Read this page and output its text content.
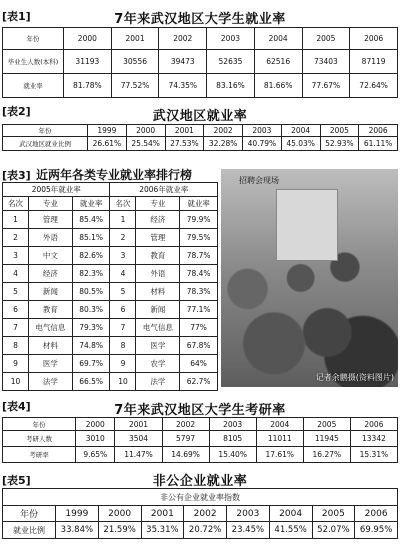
[表1]	7年来武汉地区大学生就业率
年份	2000	2001	2002	2003	2004	2005	2006
毕业生人数(本科)	31193	30556	39473	52635	62516	73403	87119
就业率	81.78%	77.52%	74.35%	83.16%	81.66%	77.67%	72.64%
[表2]	武汉地区就业率
年份	1999	2000	2001	2002	2003	2004	2005	2006
武汉地区就业比例	26.61%	25.54%	27.53%	32.28%	40.79%	45.03%	52.93%	61.11%
[表3] 近两年各类专业就业率排行榜
2005年就业率			2006年就业率		
名次	专业	就业率	名次	专业	就业率
1	管理	85.4%	1	经济	79.9%
2	外语	85.1%	2	管理	79.5%
3	中文	82.6%	3	教育	78.7%
4	经济	82.3%	4	外语	78.4%
5	新闻	80.5%	5	材料	78.3%
6	教育	80.3%	6	新闻	77.1%
7	电气信息	79.3%	7	电气信息	77%
8	材料	74.8%	8	医学	67.8%
9	医学	69.7%	9	农学	64%
10	法学	66.5%	10	法学	62.7%
招聘会现场
记者余鹏摄(资料图片)
[表4]	7年来武汉地区大学生考研率
年份	2000	2001	2002	2003	2004	2005	2006
考研人数	3010	3504	5797	8105	11011	11945	13342
考研率	9.65%	11.47%	14.69%	15.40%	17.61%	16.27%	15.31%
[表5]	非公企业就业率
非公有企业就业率指数								
年份	1999	2000	2001	2002	2003	2004	2005	2006
就业比例	33.84%	21.59%	35.31%	20.72%	23.45%	41.55%	52.07%	69.95%
